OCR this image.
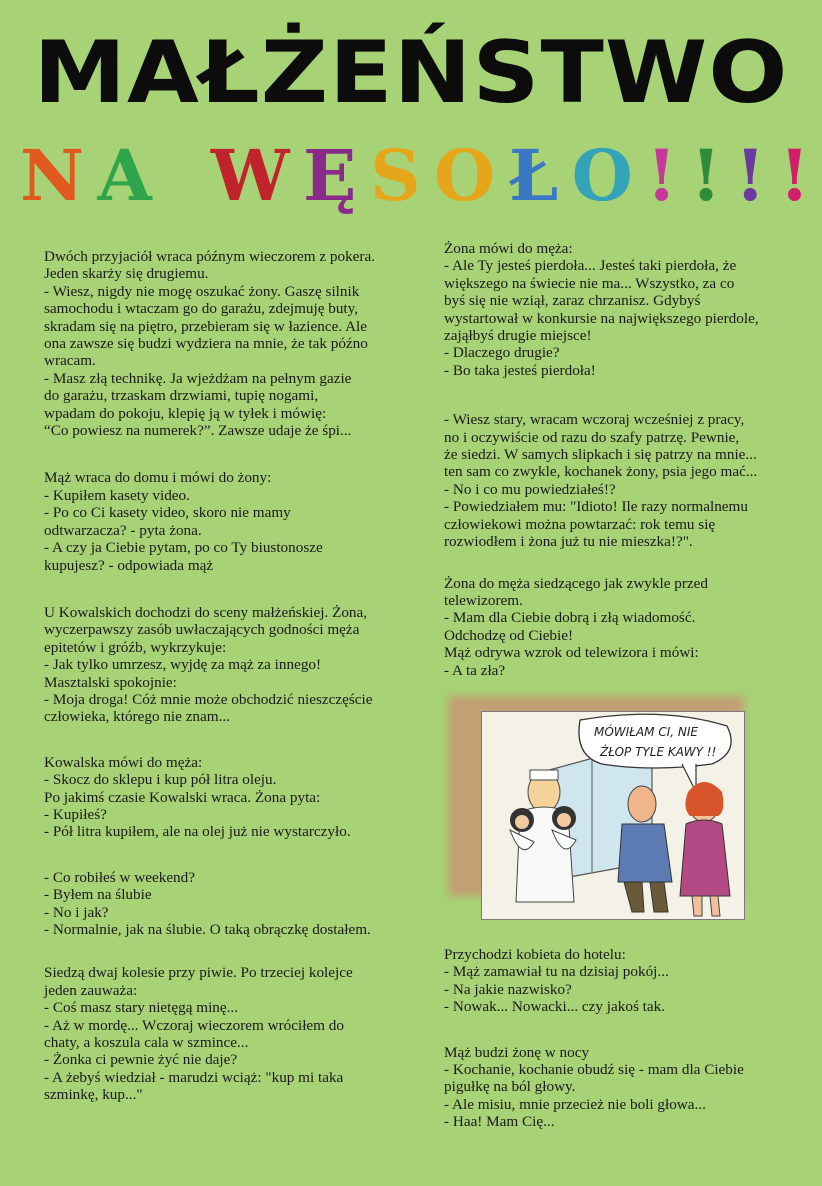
MAŁŻEŃSTWO
N A W Ę S O Ł O ! ! ! !

Dwóch przyjaciół wraca późnym wieczorem z pokera.

Jeden skarży się drugiemu.

- Wiesz, nigdy nie mogę oszukać żony. Gaszę silnik

samochodu i wtaczam go do garażu, zdejmuję buty,

skradam się na piętro, przebieram się w łazience. Ale

ona zawsze się budzi wydziera na mnie, że tak późno

wracam.

- Masz złą technikę. Ja wjeżdżam na pełnym gazie

do garażu, trzaskam drzwiami, tupię nogami,

wpadam do pokoju, klepię ją w tyłek i mówię:

“Co powiesz na numerek?”. Zawsze udaje że śpi...

Mąż wraca do domu i mówi do żony:

- Kupiłem kasety video.

- Po co Ci kasety video, skoro nie mamy

odtwarzacza? - pyta żona.

- A czy ja Ciebie pytam, po co Ty biustonosze

kupujesz? - odpowiada mąż

U Kowalskich dochodzi do sceny małżeńskiej. Żona,

wyczerpawszy zasób uwłaczających godności męża

epitetów i gróźb, wykrzykuje:

- Jak tylko umrzesz, wyjdę za mąż za innego!

Masztalski spokojnie:

- Moja droga! Cóż mnie może obchodzić nieszczęście

człowieka, którego nie znam...

Kowalska mówi do męża:

- Skocz do sklepu i kup pół litra oleju.

Po jakimś czasie Kowalski wraca. Żona pyta:

- Kupiłeś?

- Pół litra kupiłem, ale na olej już nie wystarczyło.

- Co robiłeś w weekend?

- Byłem na ślubie

- No i jak?

- Normalnie, jak na ślubie. O taką obrączkę dostałem.

Siedzą dwaj kolesie przy piwie. Po trzeciej kolejce

jeden zauważa:

- Coś masz stary nietęgą minę...

- Aż w mordę... Wczoraj wieczorem wróciłem do

chaty, a koszula cala w szmince...

- Żonka ci pewnie żyć nie daje?

- A żebyś wiedział - marudzi wciąż: "kup mi taka

szminkę, kup..."

Żona mówi do męża:

- Ale Ty jesteś pierdoła... Jesteś taki pierdoła, że

większego na świecie nie ma... Wszystko, za co

byś się nie wziął, zaraz chrzanisz. Gdybyś

wystartował w konkursie na największego pierdole,

zająłbyś drugie miejsce!

- Dlaczego drugie?

- Bo taka jesteś pierdoła!

- Wiesz stary, wracam wczoraj wcześniej z pracy,

no i oczywiście od razu do szafy patrzę. Pewnie,

że siedzi. W samych slipkach i się patrzy na mnie...

ten sam co zwykle, kochanek żony, psia jego mać...

- No i co mu powiedziałeś!?

- Powiedziałem mu: "Idioto! Ile razy normalnemu

człowiekowi można powtarzać: rok temu się

rozwiodłem i żona już tu nie mieszka!?".

Żona do męża siedzącego jak zwykle przed

telewizorem.

- Mam dla Ciebie dobrą i złą wiadomość.

Odchodzę od Ciebie!

Mąż odrywa wzrok od telewizora i mówi:

- A ta zła?

MÓWIŁAM CI, NIE
ŻŁOP TYLE KAWY !!

Przychodzi kobieta do hotelu:

- Mąż zamawiał tu na dzisiaj pokój...

- Na jakie nazwisko?

- Nowak... Nowacki... czy jakoś tak.

Mąż budzi żonę w nocy

- Kochanie, kochanie obudź się - mam dla Ciebie

pigułkę na ból głowy.

- Ale misiu, mnie przecież nie boli głowa...

- Haa! Mam Cię...
